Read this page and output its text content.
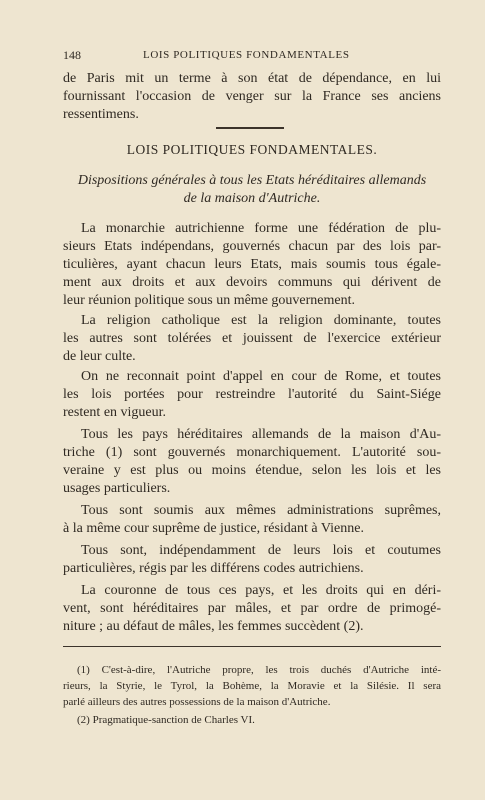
148	LOIS POLITIQUES FONDAMENTALES
de Paris mit un terme à son état de dépendance, en lui
fournissant l'occasion de venger sur la France ses anciens
ressentimens.
LOIS POLITIQUES FONDAMENTALES.
Dispositions générales à tous les Etats héréditaires allemands
de la maison d'Autriche.
La monarchie autrichienne forme une fédération de plu-
sieurs Etats indépendans, gouvernés chacun par des lois par-
ticulières, ayant chacun leurs Etats, mais soumis tous égale-
ment aux droits et aux devoirs communs qui dérivent de
leur réunion politique sous un même gouvernement.
La religion catholique est la religion dominante, toutes
les autres sont tolérées et jouissent de l'exercice extérieur
de leur culte.
On ne reconnait point d'appel en cour de Rome, et toutes
les lois portées pour restreindre l'autorité du Saint-Siége
restent en vigueur.
Tous les pays héréditaires allemands de la maison d'Au-
triche (1) sont gouvernés monarchiquement. L'autorité sou-
veraine y est plus ou moins étendue, selon les lois et les
usages particuliers.
Tous sont soumis aux mêmes administrations suprêmes,
à la même cour suprême de justice, résidant à Vienne.
Tous sont, indépendamment de leurs lois et coutumes
particulières, régis par les différens codes autrichiens.
La couronne de tous ces pays, et les droits qui en déri-
vent, sont héréditaires par mâles, et par ordre de primogé-
niture ; au défaut de mâles, les femmes succèdent (2).
(1) C'est-à-dire, l'Autriche propre, les trois duchés d'Autriche inté-
rieurs, la Styrie, le Tyrol, la Bohème, la Moravie et la Silésie. Il sera
parlé ailleurs des autres possessions de la maison d'Autriche.
(2) Pragmatique-sanction de Charles VI.
